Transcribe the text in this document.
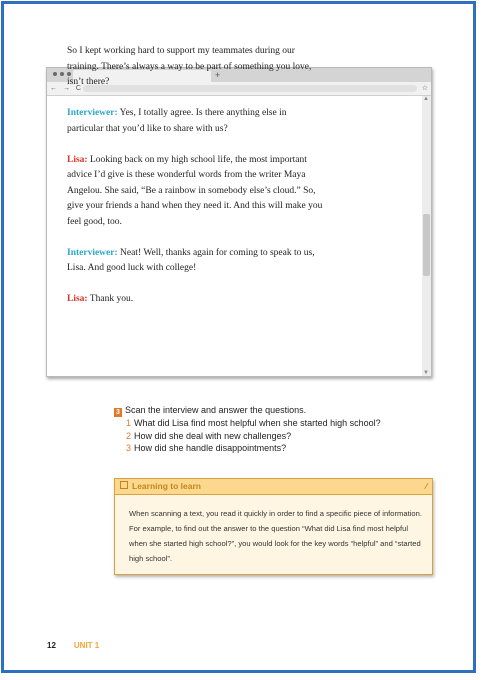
+
← → C	☆
▲
▼

So I kept working hard to support my teammates during our training. There’s always a way to be part of something you love, isn’t there?

Interviewer: Yes, I totally agree. Is there anything else in particular that you’d like to share with us?

Lisa: Looking back on my high school life, the most important advice I’d give is these wonderful words from the writer Maya Angelou. She said, “Be a rainbow in somebody else’s cloud.” So, give your friends a hand when they need it. And this will make you feel good, too.

Interviewer: Neat! Well, thanks again for coming to speak to us, Lisa. And good luck with college!

Lisa: Thank you.

3 Scan the interview and answer the questions.
1 What did Lisa find most helpful when she started high school?
2 How did she deal with new challenges?
3 How did she handle disappointments?
Learning to learn	⁄
When scanning a text, you read it quickly in order to find a specific piece of information. For example, to find out the answer to the question “What did Lisa find most helpful when she started high school?”, you would look for the key words “helpful” and “started high school”.
12 UNIT 1
